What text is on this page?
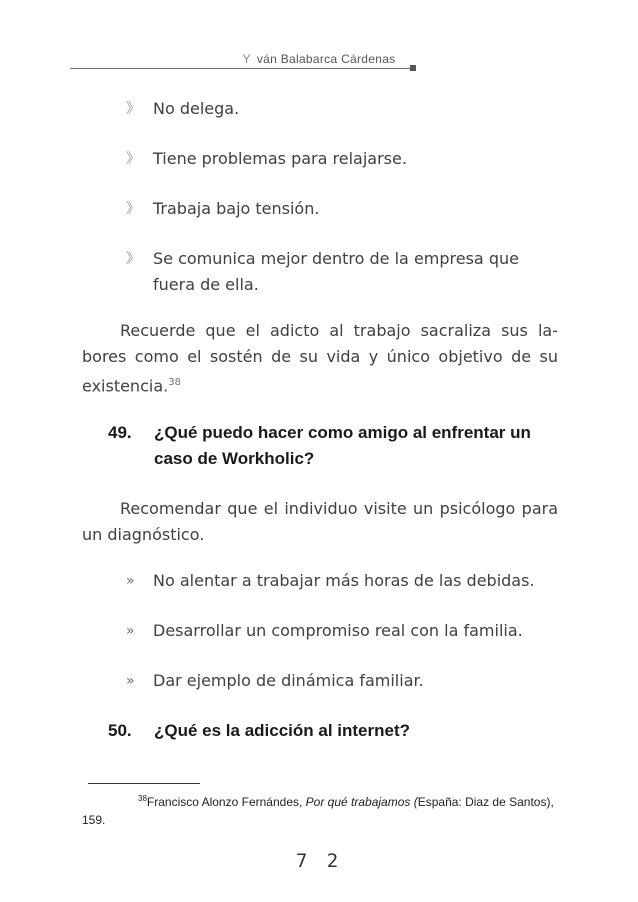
Y ván Balabarca Cárdenas
》 No delega.
》 Tiene problemas para relajarse.
》 Trabaja bajo tensión.
》 Se comunica mejor dentro de la empresa que
fuera de ella.
Recuerde que el adicto al trabajo sacraliza sus la-bores como el sostén de su vida y único objetivo de su existencia.$^{38}$
49. ¿Qué puedo hacer como amigo al enfrentar un caso de Workholic?
Recomendar que el individuo visite un psicólogo para un diagnóstico.
»	No alentar a trabajar más horas de las debidas.
»	Desarrollar un compromiso real con la familia.
»	Dar ejemplo de dinámica familiar.
50. ¿Qué es la adicción al internet?
$^{38}$Francisco Alonzo Fernándes, Por qué trabajamos (España: Diaz de Santos), 159.
7 2
